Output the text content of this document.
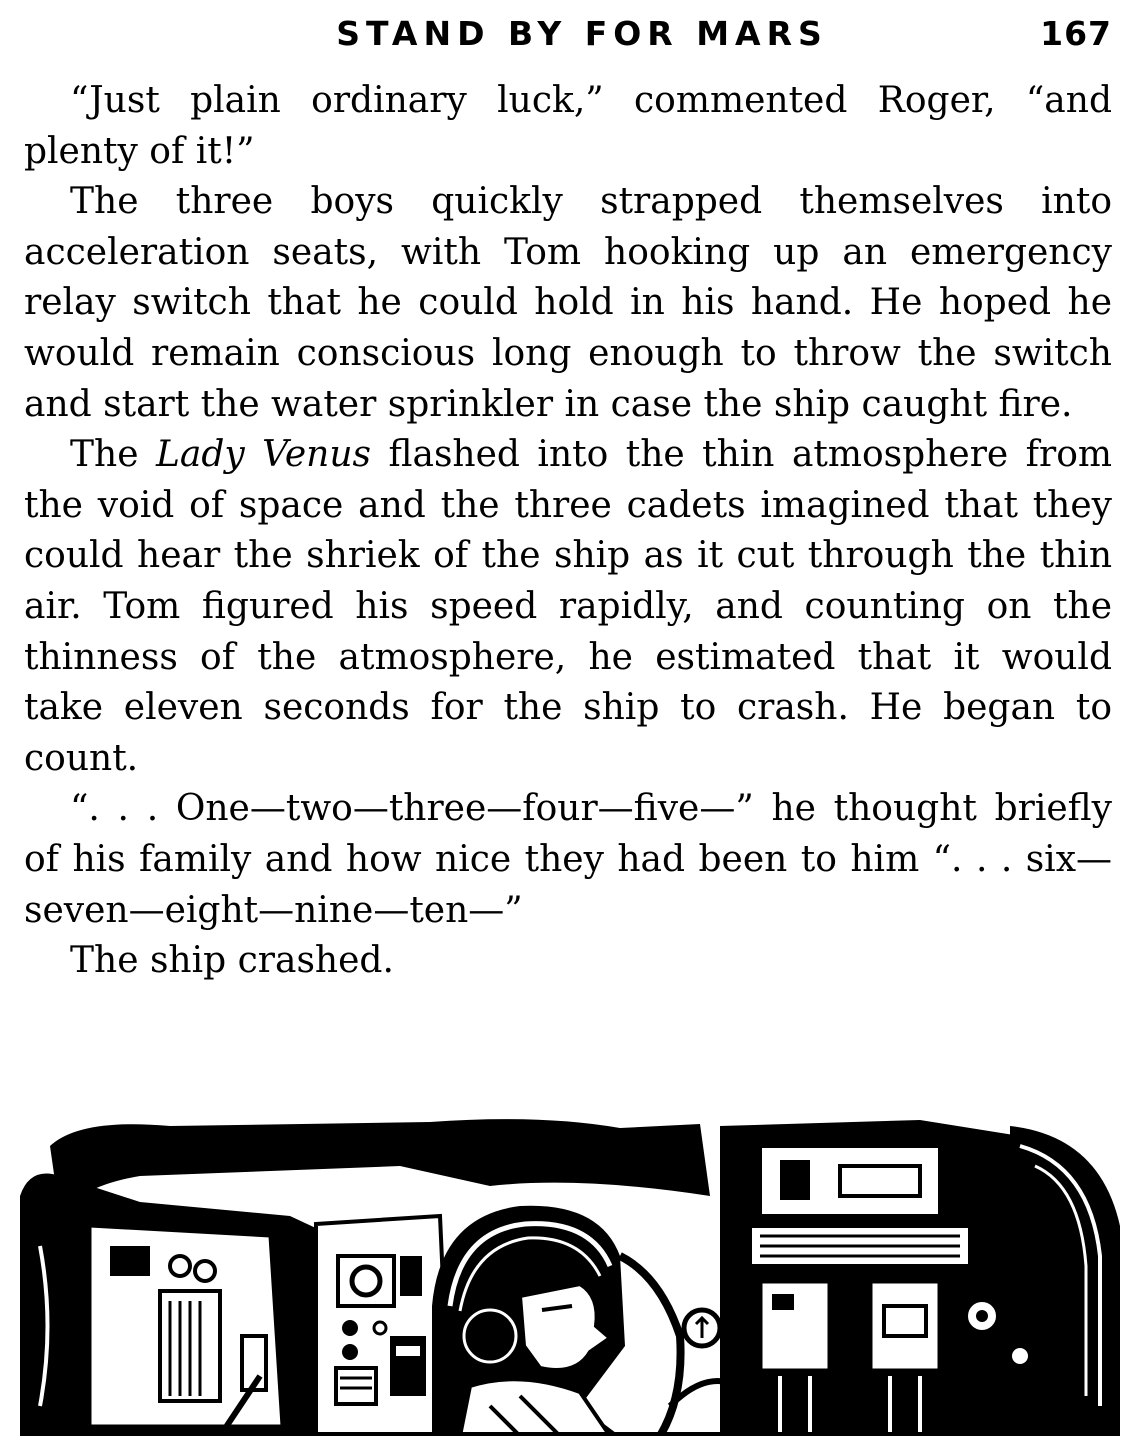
STAND BY FOR MARS	167

“Just plain ordinary luck,” commented Roger, “and plenty of it!”

The three boys quickly strapped themselves into acceleration seats, with Tom hooking up an emergency relay switch that he could hold in his hand. He hoped he would remain conscious long enough to throw the switch and start the water sprinkler in case the ship caught fire.

The Lady Venus flashed into the thin atmosphere from the void of space and the three cadets imagined that they could hear the shriek of the ship as it cut through the thin air. Tom figured his speed rapidly, and counting on the thinness of the atmosphere, he estimated that it would take eleven seconds for the ship to crash. He began to count.

“. . . One—two—three—four—five—” he thought briefly of his family and how nice they had been to him “. . . six—seven—eight—nine—ten—”

The ship crashed.
